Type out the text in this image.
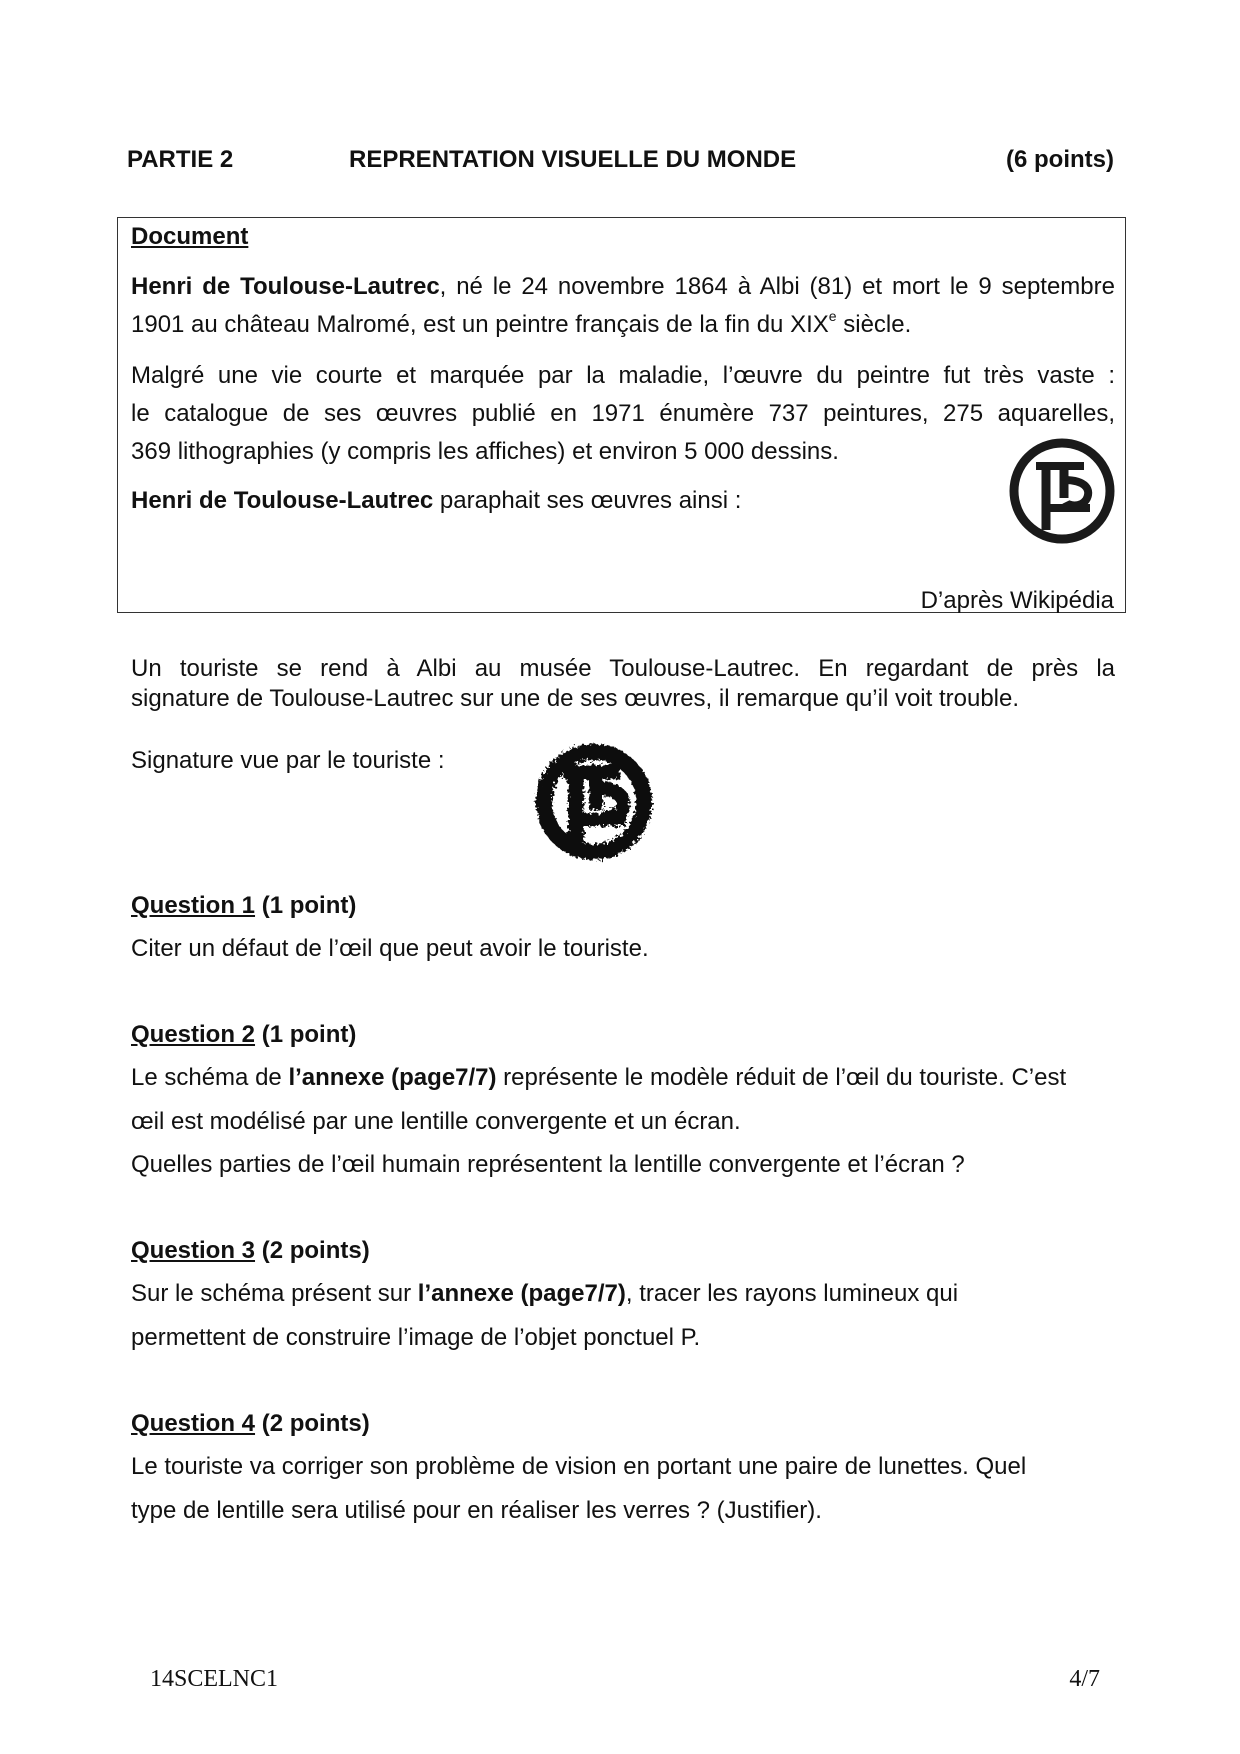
PARTIE 2	REPRENTATION VISUELLE DU MONDE	(6 points)
Document
Henri de Toulouse-Lautrec, né le 24 novembre 1864 à Albi (81) et mort le 9 septembre
1901 au château Malromé, est un peintre français de la fin du XIXe siècle.
Malgré une vie courte et marquée par la maladie, l’œuvre du peintre fut très vaste :
le catalogue de ses œuvres publié en 1971 énumère 737 peintures, 275 aquarelles,
369 lithographies (y compris les affiches) et environ 5 000 dessins.
Henri de Toulouse-Lautrec paraphait ses œuvres ainsi :
D’après Wikipédia
Un touriste se rend à Albi au musée Toulouse-Lautrec. En regardant de près la
signature de Toulouse-Lautrec sur une de ses œuvres, il remarque qu’il voit trouble.
Signature vue par le touriste :
Question 1 (1 point)
Citer un défaut de l’œil que peut avoir le touriste.
Question 2 (1 point)
Le schéma de l’annexe (page7/7) représente le modèle réduit de l’œil du touriste. C’est
œil est modélisé par une lentille convergente et un écran.
Quelles parties de l’œil humain représentent la lentille convergente et l’écran ?
Question 3 (2 points)
Sur le schéma présent sur l’annexe (page7/7), tracer les rayons lumineux qui
permettent de construire l’image de l’objet ponctuel P.
Question 4 (2 points)
Le touriste va corriger son problème de vision en portant une paire de lunettes. Quel
type de lentille sera utilisé pour en réaliser les verres ? (Justifier).
14SCELNC1	4/7
